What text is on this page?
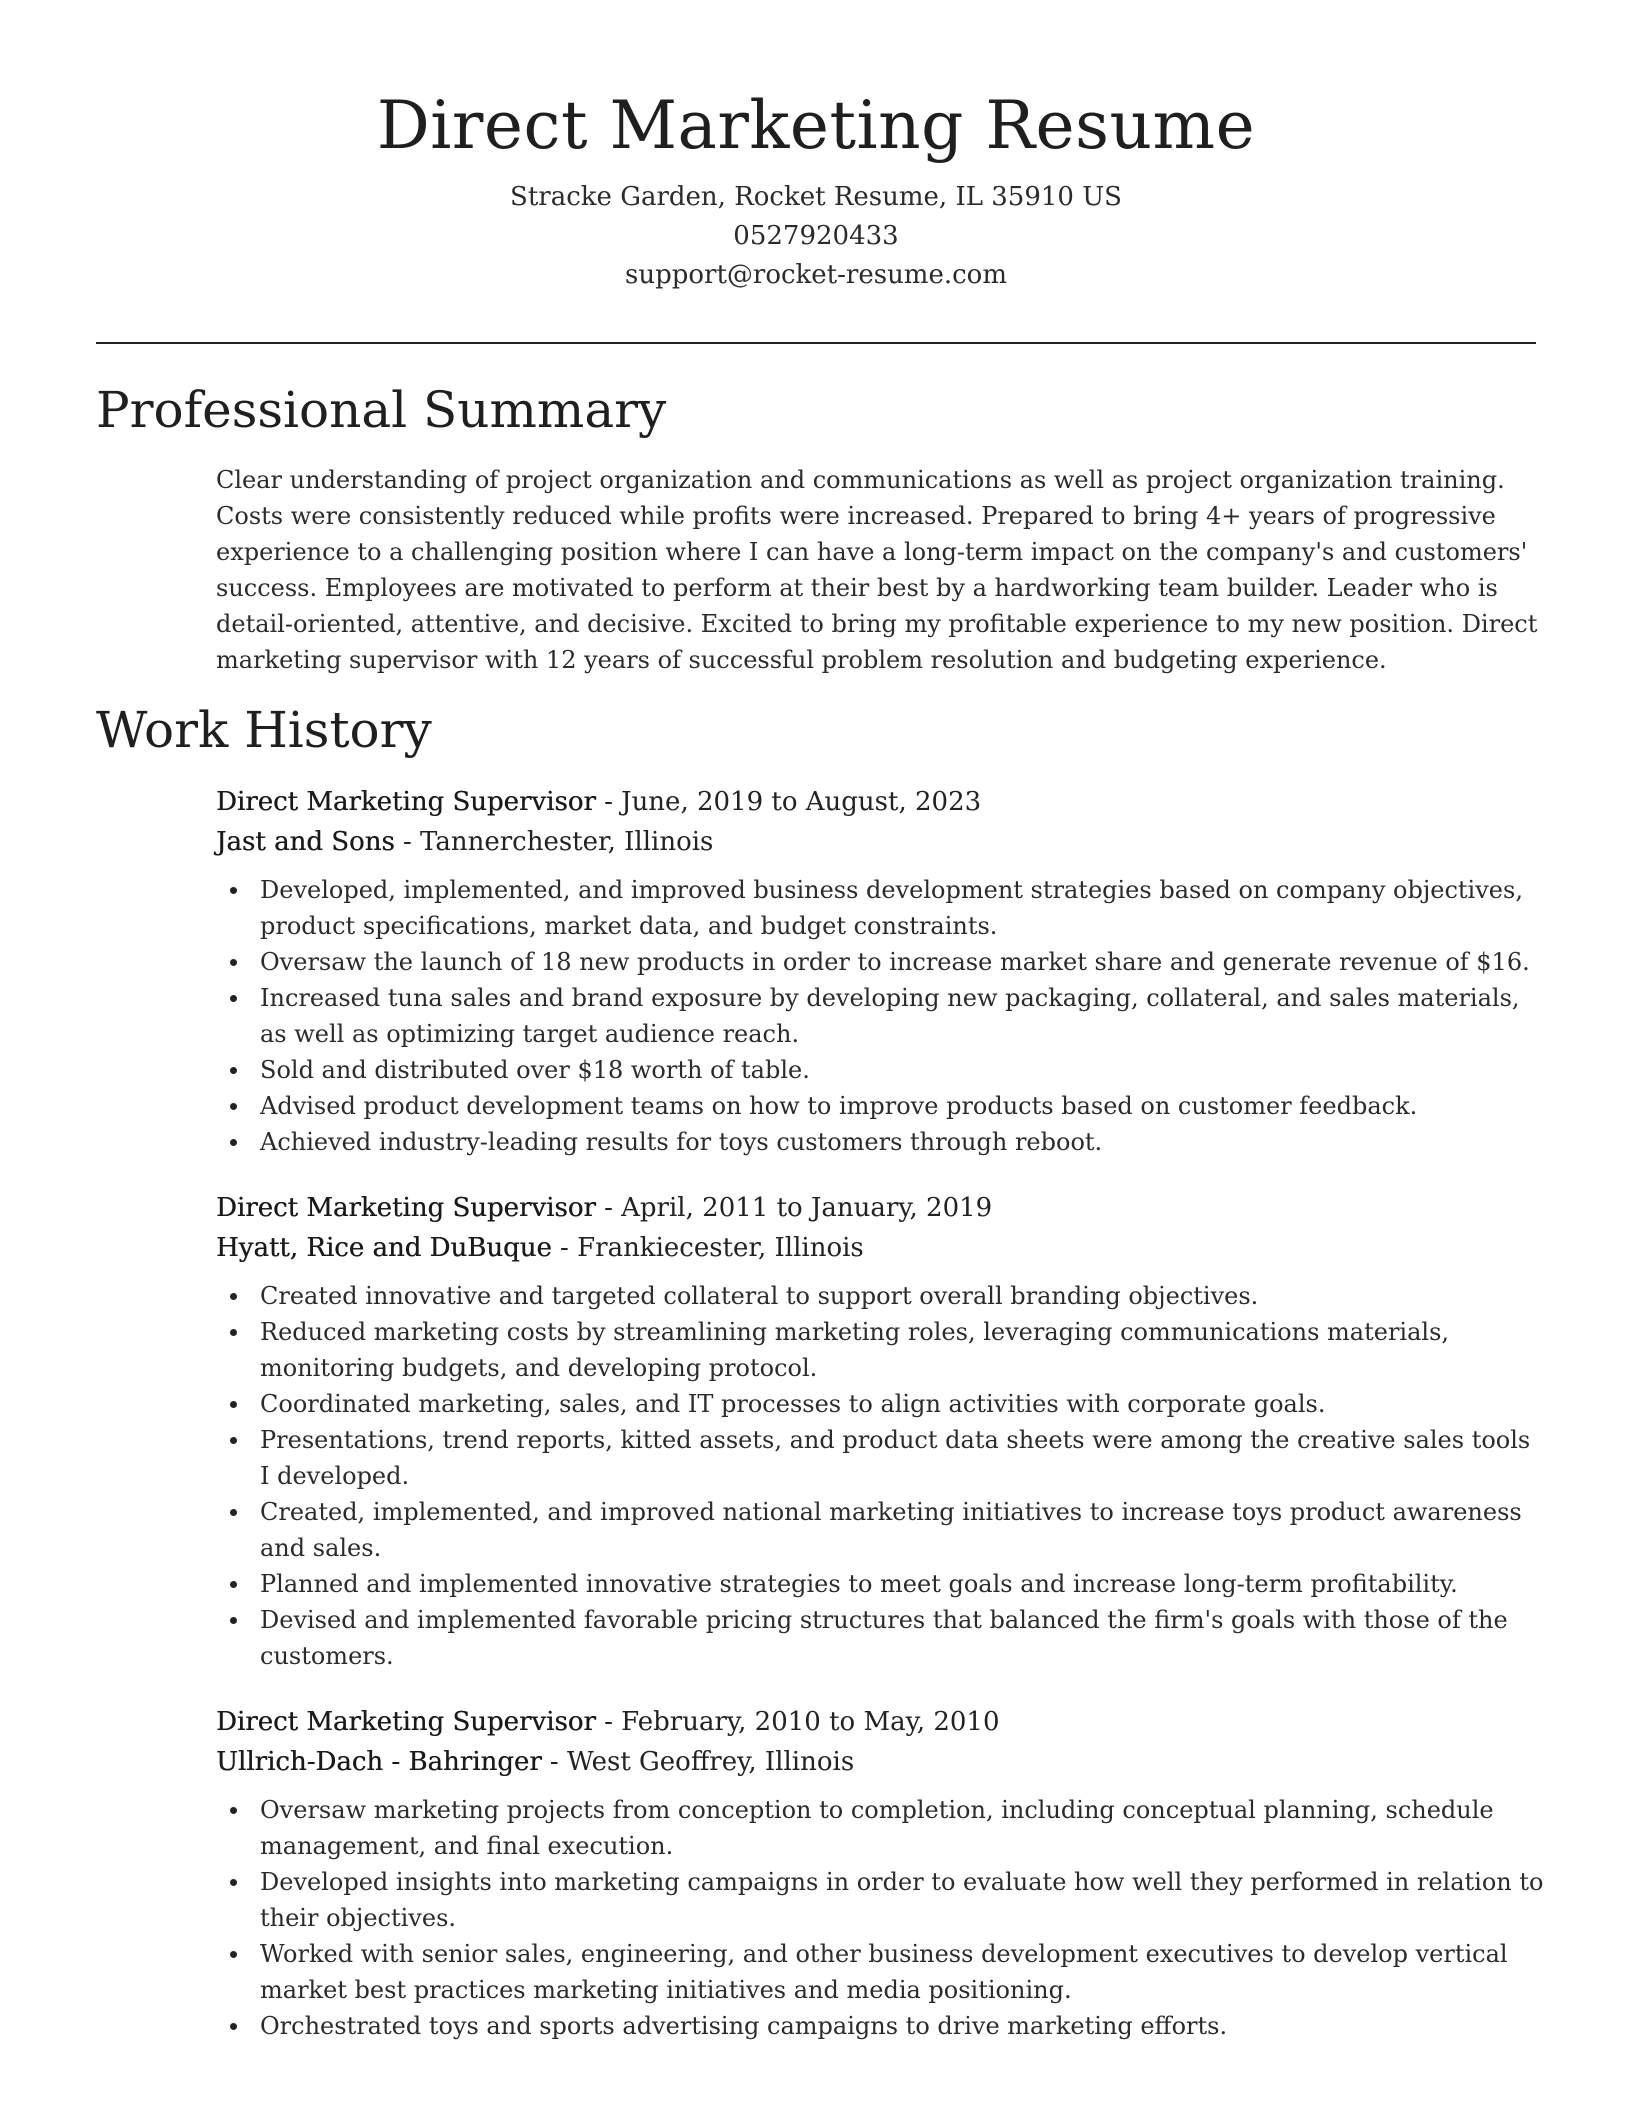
Direct Marketing Resume
Stracke Garden, Rocket Resume, IL 35910 US
0527920433
support@rocket-resume.com
Professional Summary

Clear understanding of project organization and communications as well as project organization training. Costs were consistently reduced while profits were increased. Prepared to bring 4+ years of progressive experience to a challenging position where I can have a long-term impact on the company's and customers' success. Employees are motivated to perform at their best by a hardworking team builder. Leader who is detail-oriented, attentive, and decisive. Excited to bring my profitable experience to my new position. Direct marketing supervisor with 12 years of successful problem resolution and budgeting experience.

Work History
Direct Marketing Supervisor - June, 2019 to August, 2023
Jast and Sons - Tannerchester, Illinois
Developed, implemented, and improved business development strategies based on company objectives, product specifications, market data, and budget constraints.
Oversaw the launch of 18 new products in order to increase market share and generate revenue of $16.
Increased tuna sales and brand exposure by developing new packaging, collateral, and sales materials, as well as optimizing target audience reach.
Sold and distributed over $18 worth of table.
Advised product development teams on how to improve products based on customer feedback.
Achieved industry-leading results for toys customers through reboot.
Direct Marketing Supervisor - April, 2011 to January, 2019
Hyatt, Rice and DuBuque - Frankiecester, Illinois
Created innovative and targeted collateral to support overall branding objectives.
Reduced marketing costs by streamlining marketing roles, leveraging communications materials, monitoring budgets, and developing protocol.
Coordinated marketing, sales, and IT processes to align activities with corporate goals.
Presentations, trend reports, kitted assets, and product data sheets were among the creative sales tools I developed.
Created, implemented, and improved national marketing initiatives to increase toys product awareness and sales.
Planned and implemented innovative strategies to meet goals and increase long-term profitability.
Devised and implemented favorable pricing structures that balanced the firm's goals with those of the customers.
Direct Marketing Supervisor - February, 2010 to May, 2010
Ullrich-Dach - Bahringer - West Geoffrey, Illinois
Oversaw marketing projects from conception to completion, including conceptual planning, schedule management, and final execution.
Developed insights into marketing campaigns in order to evaluate how well they performed in relation to their objectives.
Worked with senior sales, engineering, and other business development executives to develop vertical market best practices marketing initiatives and media positioning.
Orchestrated toys and sports advertising campaigns to drive marketing efforts.
